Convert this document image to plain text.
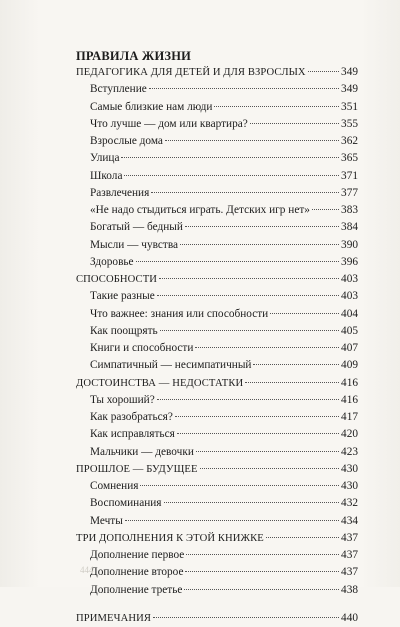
ПРАВИЛА ЖИЗНИ
ПЕДАГОГИКА ДЛЯ ДЕТЕЙ И ДЛЯ ВЗРОСЛЫХ	349
Вступление	349
Самые близкие нам люди	351
Что лучше — дом или квартира?	355
Взрослые дома	362
Улица	365
Школа	371
Развлечения	377
«Не надо стыдиться играть. Детских игр нет»	383
Богатый — бедный	384
Мысли — чувства	390
Здоровье	396
СПОСОБНОСТИ	403
Такие разные	403
Что важнее: знания или способности	404
Как поощрять	405
Книги и способности	407
Симпатичный — несимпатичный	409
ДОСТОИНСТВА — НЕДОСТАТКИ	416
Ты хороший?	416
Как разобраться?	417
Как исправляться	420
Мальчики — девочки	423
ПРОШЛОЕ — БУДУЩЕЕ	430
Сомнения	430
Воспоминания	432
Мечты	434
ТРИ ДОПОЛНЕНИЯ К ЭТОЙ КНИЖКЕ	437
Дополнение первое	437
Дополнение второе	437
Дополнение третье	438
ПРИМЕЧАНИЯ	440
444
